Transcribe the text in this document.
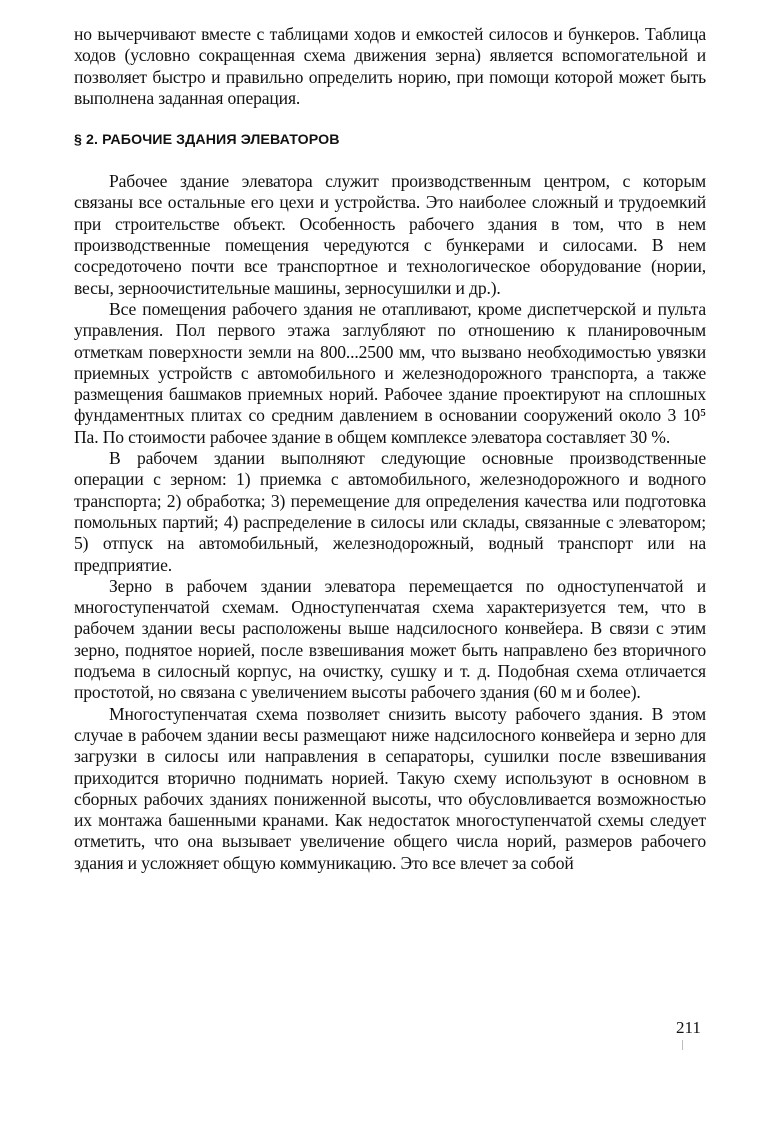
но вычерчивают вместе с таблицами ходов и емкостей силосов и бункеров. Таблица ходов (условно сокращенная схема движения зерна) является вспомогательной и позволяет быстро и правильно определить норию, при помощи которой может быть выполнена заданная операция.

§ 2. РАБОЧИЕ ЗДАНИЯ ЭЛЕВАТОРОВ

Рабочее здание элеватора служит производственным центром, с которым связаны все остальные его цехи и устройства. Это наиболее сложный и трудоемкий при строительстве объект. Особенность рабочего здания в том, что в нем производственные помещения чередуются с бункерами и силосами. В нем сосредоточено почти все транспортное и технологическое оборудование (нории, весы, зерноочистительные машины, зерносушилки и др.).

Все помещения рабочего здания не отапливают, кроме диспетчерской и пульта управления. Пол первого этажа заглубляют по отношению к планировочным отметкам поверхности земли на 800...2500 мм, что вызвано необходимостью увязки приемных устройств с автомобильного и железнодорожного транспорта, а также размещения башмаков приемных норий. Рабочее здание проектируют на сплошных фундаментных плитах со средним давлением в основании сооружений около 3 10⁵ Па. По стоимости рабочее здание в общем комплексе элеватора составляет 30 %.

В рабочем здании выполняют следующие основные производственные операции с зерном: 1) приемка с автомобильного, железнодорожного и водного транспорта; 2) обработка; 3) перемещение для определения качества или подготовка помольных партий; 4) распределение в силосы или склады, связанные с элеватором; 5) отпуск на автомобильный, железнодорожный, водный транспорт или на предприятие.

Зерно в рабочем здании элеватора перемещается по одноступенчатой и многоступенчатой схемам. Одноступенчатая схема характеризуется тем, что в рабочем здании весы расположены выше надсилосного конвейера. В связи с этим зерно, поднятое норией, после взвешивания может быть направлено без вторичного подъема в силосный корпус, на очистку, сушку и т. д. Подобная схема отличается простотой, но связана с увеличением высоты рабочего здания (60 м и более).

Многоступенчатая схема позволяет снизить высоту рабочего здания. В этом случае в рабочем здании весы размещают ниже надсилосного конвейера и зерно для загрузки в силосы или направления в сепараторы, сушилки после взвешивания приходится вторично поднимать норией. Такую схему используют в основном в сборных рабочих зданиях пониженной высоты, что обусловливается возможностью их монтажа башенными кранами. Как недостаток многоступенчатой схемы следует отметить, что она вызывает увеличение общего числа норий, размеров рабочего здания и усложняет общую коммуникацию. Это все влечет за собой

211
